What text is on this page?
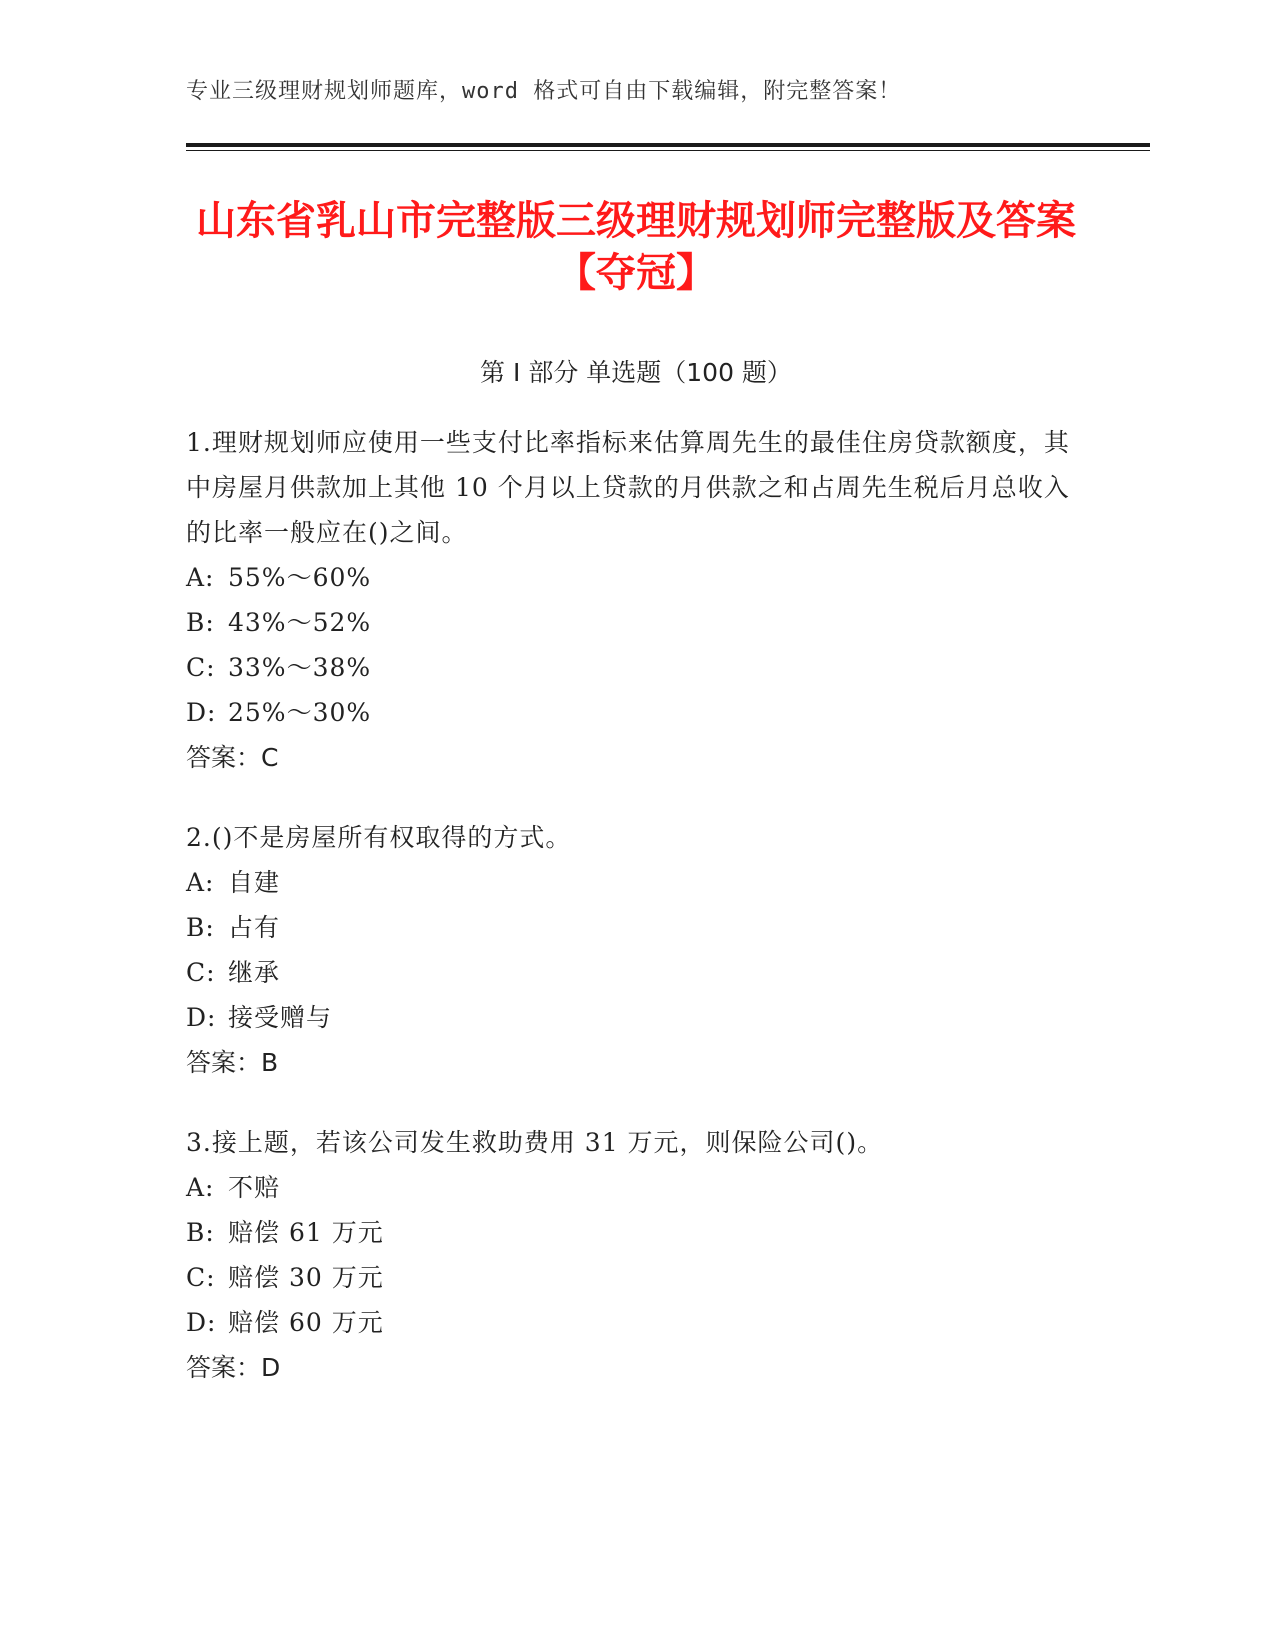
专业三级理财规划师题库，word 格式可自由下载编辑，附完整答案！
山东省乳山市完整版三级理财规划师完整版及答案【夺冠】
第 I 部分 单选题（100 题）

1.理财规划师应使用一些支付比率指标来估算周先生的最佳住房贷款额度，其中房屋月供款加上其他 10 个月以上贷款的月供款之和占周先生税后月总收入的比率一般应在()之间。

A: 55%～60%

B: 43%～52%

C: 33%～38%

D: 25%～30%

答案：C

2.()不是房屋所有权取得的方式。

A: 自建

B: 占有

C: 继承

D: 接受赠与

答案：B

3.接上题，若该公司发生救助费用 31 万元，则保险公司()。

A: 不赔

B: 赔偿 61 万元

C: 赔偿 30 万元

D: 赔偿 60 万元

答案：D
